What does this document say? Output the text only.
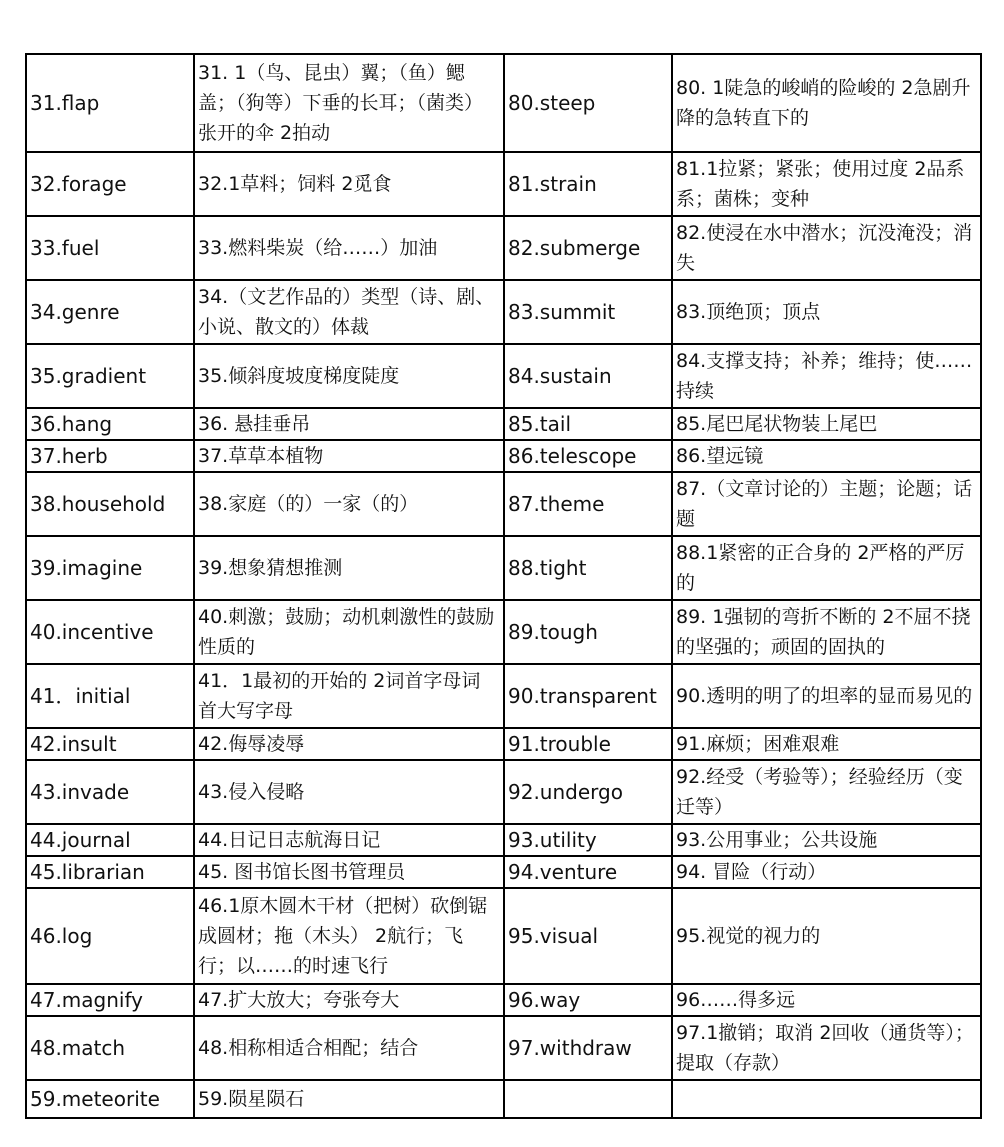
31.flap	31. 1（鸟、昆虫）翼；（鱼）鳃盖；（狗等）下垂的长耳；（菌类）张开的伞 2拍动	80.steep	80. 1陡急的峻峭的险峻的 2急剧升降的急转直下的
32.forage	32.1草料；饲料 2觅食	81.strain	81.1拉紧；紧张；使用过度 2品系系；菌株；变种
33.fuel	33.燃料柴炭（给……）加油	82.submerge	82.使浸在水中潜水；沉没淹没；消失
34.genre	34.（文艺作品的）类型（诗、剧、小说、散文的）体裁	83.summit	83.顶绝顶；顶点
35.gradient	35.倾斜度坡度梯度陡度	84.sustain	84.支撑支持；补养；维持；使……持续
36.hang	36. 悬挂垂吊	85.tail	85.尾巴尾状物装上尾巴
37.herb	37.草草本植物	86.telescope	86.望远镜
38.household	38.家庭（的）一家（的）	87.theme	87.（文章讨论的）主题；论题；话题
39.imagine	39.想象猜想推测	88.tight	88.1紧密的正合身的 2严格的严厉的
40.incentive	40.刺激；鼓励；动机刺激性的鼓励性质的	89.tough	89. 1强韧的弯折不断的 2不屈不挠的坚强的；顽固的固执的
41．initial	41．1最初的开始的 2词首字母词首大写字母	90.transparent	90.透明的明了的坦率的显而易见的
42.insult	42.侮辱凌辱	91.trouble	91.麻烦；困难艰难
43.invade	43.侵入侵略	92.undergo	92.经受（考验等）；经验经历（变迁等）
44.journal	44.日记日志航海日记	93.utility	93.公用事业；公共设施
45.librarian	45. 图书馆长图书管理员	94.venture	94. 冒险（行动）
46.log	46.1原木圆木干材（把树）砍倒锯成圆材；拖（木头） 2航行；飞行；以……的时速飞行	95.visual	95.视觉的视力的
47.magnify	47.扩大放大；夸张夸大	96.way	96……得多远
48.match	48.相称相适合相配；结合	97.withdraw	97.1撤销；取消 2回收（通货等）；提取（存款）
59.meteorite	59.陨星陨石		
